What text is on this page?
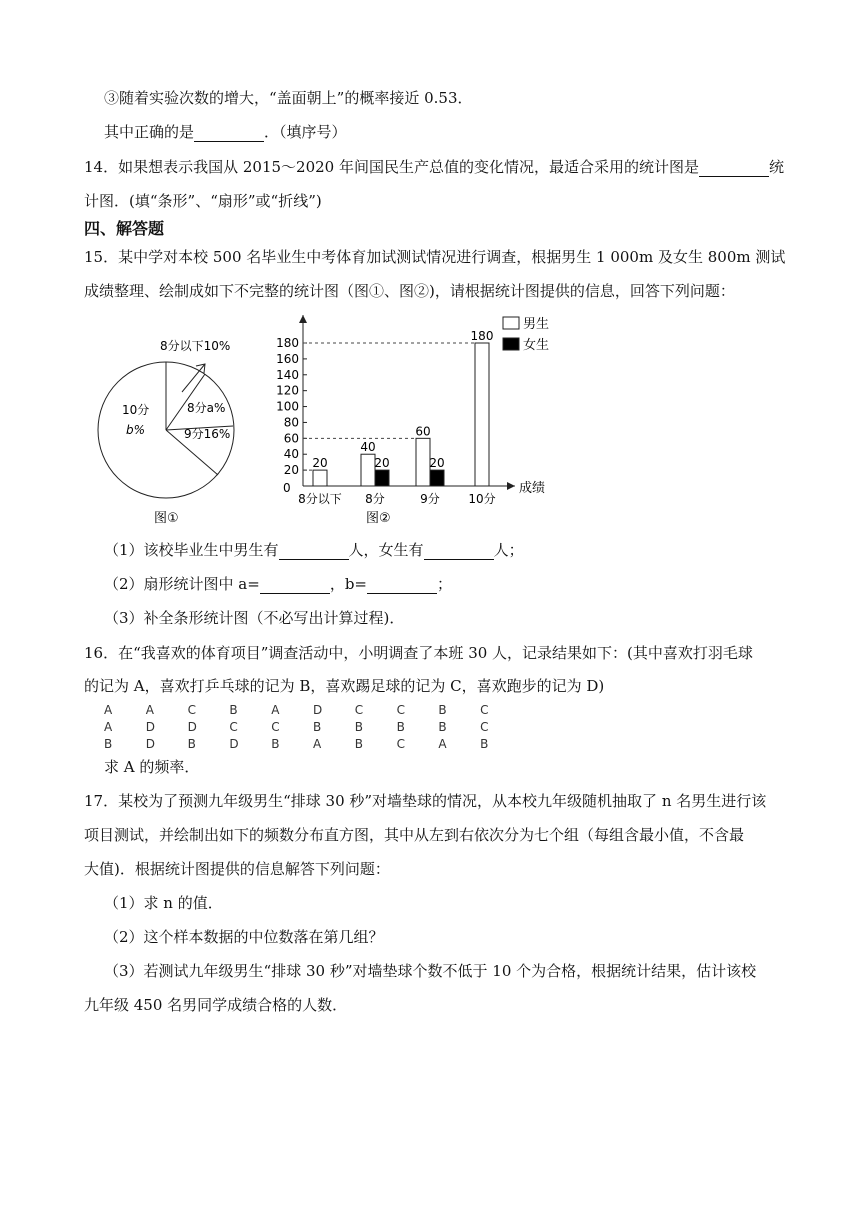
③随着实验次数的增大，“盖面朝上”的概率接近 0.53．
其中正确的是	．（填序号）
14．如果想表示我国从 2015～2020 年间国民生产总值的变化情况，最适合采用的统计图是	统
计图．(填“条形”、“扇形”或“折线”)
四、解答题
15．某中学对本校 500 名毕业生中考体育加试测试情况进行调查，根据男生 1 000m 及女生 800m 测试
成绩整理、绘制成如下不完整的统计图（图①、图②)，请根据统计图提供的信息，回答下列问题：
8分以下10%
8分a%
9分16%
10分
b%
图①	图②
0	成绩
20
40
60
80
100
120
140
160
180
20
8分以下
40
20
8分
60
20
9分
180
10分
男生
女生
（1）该校毕业生中男生有	人，女生有	人；
（2）扇形统计图中 a=	，b=	；
（3）补全条形统计图（不必写出计算过程)．
16．在“我喜欢的体育项目”调查活动中，小明调查了本班 30 人，记录结果如下：(其中喜欢打羽毛球
的记为 A，喜欢打乒乓球的记为 B，喜欢踢足球的记为 C，喜欢跑步的记为 D)
A	A	C	B	A	D	C	C	B	C
A	D	D	C	C	B	B	B	B	C
B	D	B	D	B	A	B	C	A	B
求 A 的频率．
17．某校为了预测九年级男生“排球 30 秒”对墙垫球的情况，从本校九年级随机抽取了 n 名男生进行该
项目测试，并绘制出如下的频数分布直方图，其中从左到右依次分为七个组（每组含最小值，不含最
大值)．根据统计图提供的信息解答下列问题：
（1）求 n 的值．
（2）这个样本数据的中位数落在第几组？
（3）若测试九年级男生“排球 30 秒”对墙垫球个数不低于 10 个为合格，根据统计结果，估计该校
九年级 450 名男同学成绩合格的人数．
